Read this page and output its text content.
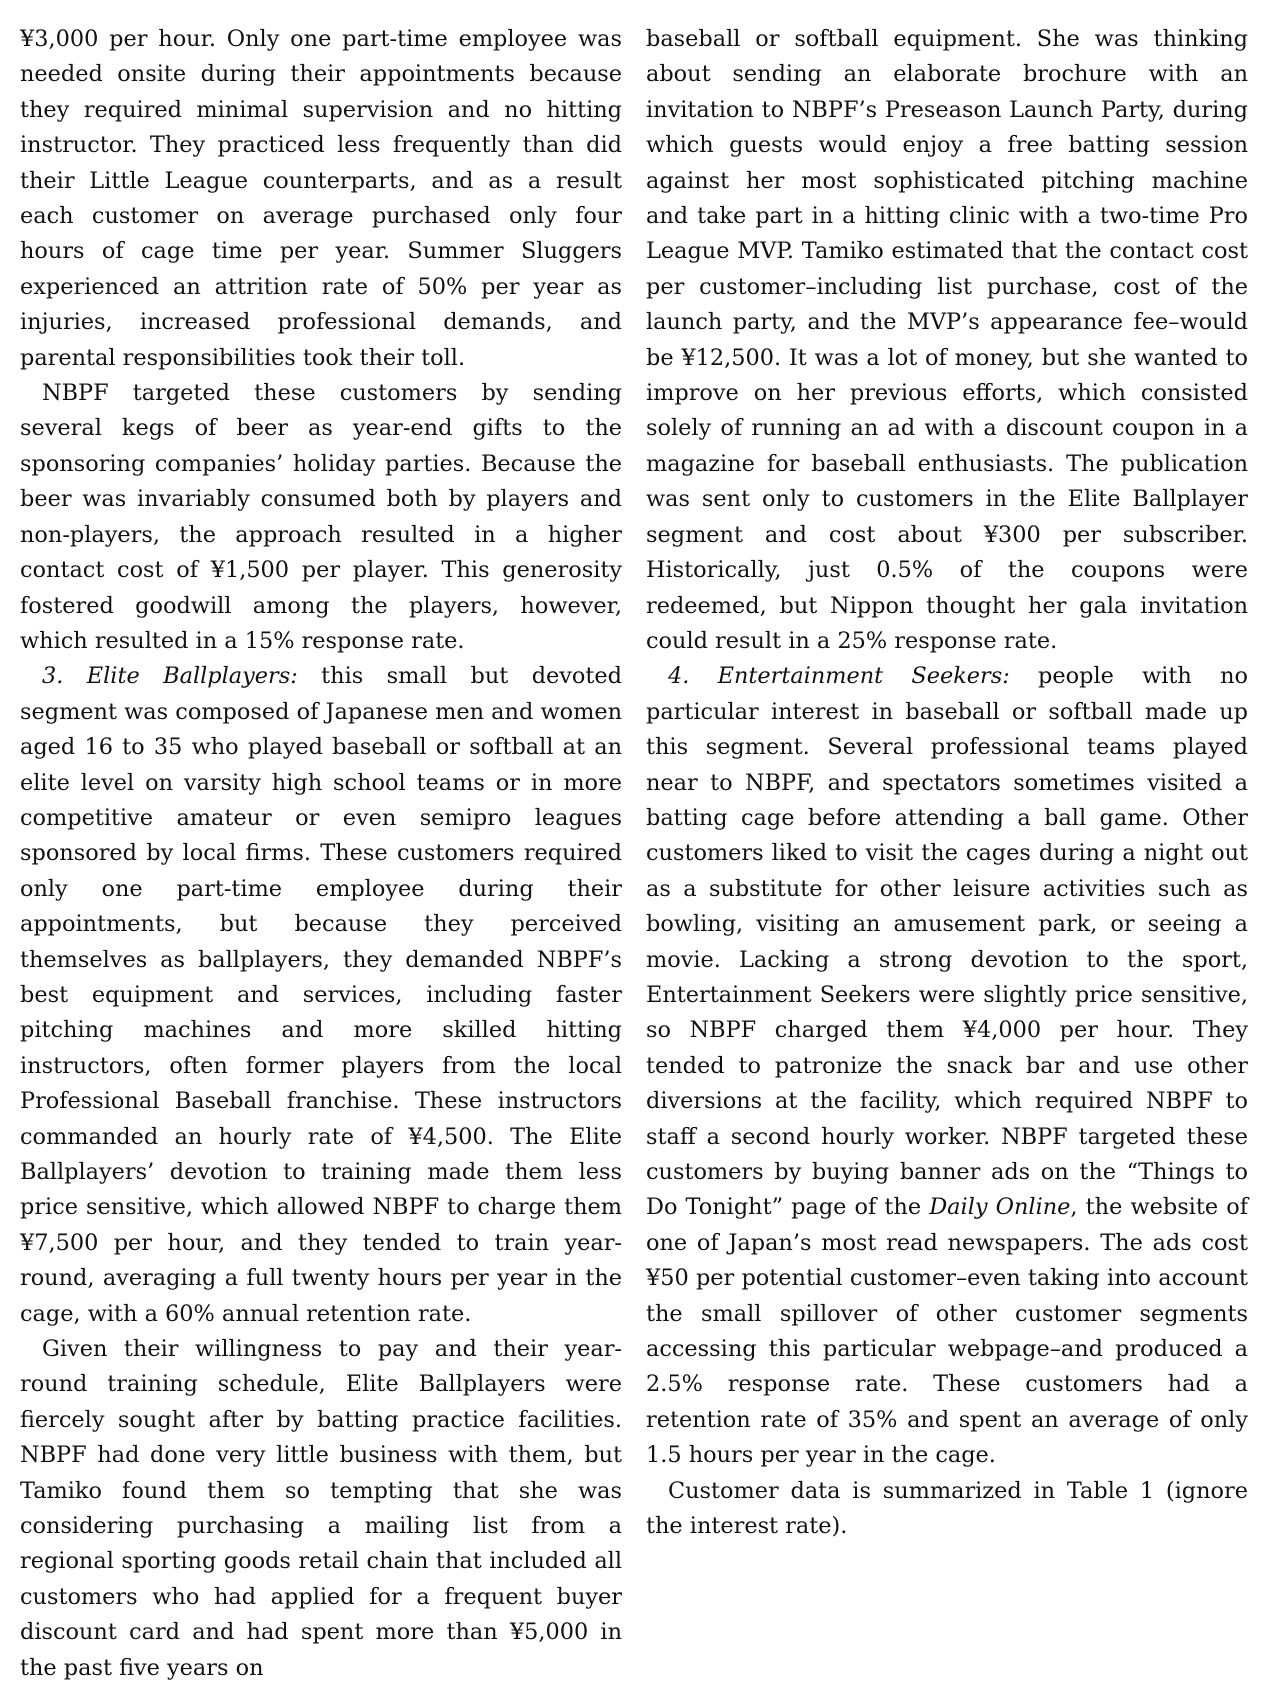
¥3,000 per hour. Only one part-time employee was needed onsite during their appointments because they required minimal supervision and no hitting instructor. They practiced less frequently than did their Little League counterparts, and as a result each customer on average purchased only four hours of cage time per year. Summer Sluggers experienced an attrition rate of 50% per year as injuries, increased professional demands, and parental responsibilities took their toll.

NBPF targeted these customers by sending several kegs of beer as year-end gifts to the sponsoring companies’ holiday parties. Because the beer was invariably consumed both by players and non-players, the approach resulted in a higher contact cost of ¥1,500 per player. This generosity fostered goodwill among the players, however, which resulted in a 15% response rate.

3. Elite Ballplayers: this small but devoted segment was composed of Japanese men and women aged 16 to 35 who played baseball or softball at an elite level on varsity high school teams or in more competitive amateur or even semipro leagues sponsored by local firms. These customers required only one part-time employee during their appointments, but because they perceived themselves as ballplayers, they demanded NBPF’s best equipment and services, including faster pitching machines and more skilled hitting instructors, often former players from the local Professional Baseball franchise. These instructors commanded an hourly rate of ¥4,500. The Elite Ballplayers’ devotion to training made them less price sensitive, which allowed NBPF to charge them ¥7,500 per hour, and they tended to train year-round, averaging a full twenty hours per year in the cage, with a 60% annual retention rate.

Given their willingness to pay and their year-round training schedule, Elite Ballplayers were fiercely sought after by batting practice facilities. NBPF had done very little business with them, but Tamiko found them so tempting that she was considering purchasing a mailing list from a regional sporting goods retail chain that included all customers who had applied for a frequent buyer discount card and had spent more than ¥5,000 in the past five years on

baseball or softball equipment. She was thinking about sending an elaborate brochure with an invitation to NBPF’s Preseason Launch Party, during which guests would enjoy a free batting session against her most sophisticated pitching machine and take part in a hitting clinic with a two-time Pro League MVP. Tamiko estimated that the contact cost per customer–including list purchase, cost of the launch party, and the MVP’s appearance fee–would be ¥12,500. It was a lot of money, but she wanted to improve on her previous efforts, which consisted solely of running an ad with a discount coupon in a magazine for baseball enthusiasts. The publication was sent only to customers in the Elite Ballplayer segment and cost about ¥300 per subscriber. Historically, just 0.5% of the coupons were redeemed, but Nippon thought her gala invitation could result in a 25% response rate.

4. Entertainment Seekers: people with no particular interest in baseball or softball made up this segment. Several professional teams played near to NBPF, and spectators sometimes visited a batting cage before attending a ball game. Other customers liked to visit the cages during a night out as a substitute for other leisure activities such as bowling, visiting an amusement park, or seeing a movie. Lacking a strong devotion to the sport, Entertainment Seekers were slightly price sensitive, so NBPF charged them ¥4,000 per hour. They tended to patronize the snack bar and use other diversions at the facility, which required NBPF to staff a second hourly worker. NBPF targeted these customers by buying banner ads on the “Things to Do Tonight” page of the Daily Online, the website of one of Japan’s most read newspapers. The ads cost ¥50 per potential customer–even taking into account the small spillover of other customer segments accessing this particular webpage–and produced a 2.5% response rate. These customers had a retention rate of 35% and spent an average of only 1.5 hours per year in the cage.

Customer data is summarized in Table 1 (ignore the interest rate).
